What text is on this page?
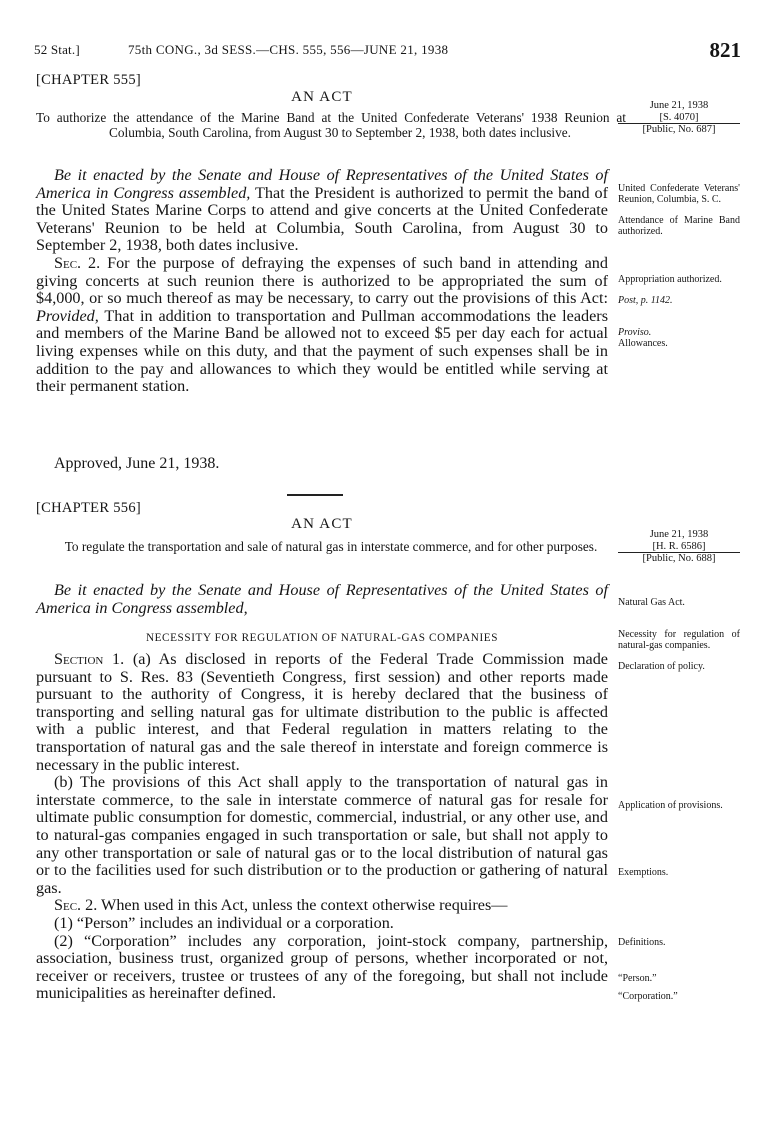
52 Stat.]	75th CONG., 3d SESS.—CHS. 555, 556—JUNE 21, 1938	821
[CHAPTER 555]
AN ACT
To authorize the attendance of the Marine Band at the United Confederate Veterans' 1938 Reunion at Columbia, South Carolina, from August 30 to September 2, 1938, both dates inclusive.
June 21, 1938
[S. 4070]
[Public, No. 687]

Be it enacted by the Senate and House of Representatives of the United States of America in Congress assembled, That the President is authorized to permit the band of the United States Marine Corps to attend and give concerts at the United Confederate Veterans' Reunion to be held at Columbia, South Carolina, from August 30 to September 2, 1938, both dates inclusive.

Sec. 2. For the purpose of defraying the expenses of such band in attending and giving concerts at such reunion there is authorized to be appropriated the sum of $4,000, or so much thereof as may be necessary, to carry out the provisions of this Act: Provided, That in addition to transportation and Pullman accommodations the leaders and members of the Marine Band be allowed not to exceed $5 per day each for actual living expenses while on this duty, and that the payment of such expenses shall be in addition to the pay and allowances to which they would be entitled while serving at their permanent station.

Approved, June 21, 1938.
United Confederate Veterans' Reunion, Columbia, S. C.
Attendance of Marine Band authorized.
Appropriation authorized.
Post, p. 1142.
Proviso.
Allowances.
[CHAPTER 556]
AN ACT
To regulate the transportation and sale of natural gas in interstate commerce, and for other purposes.
June 21, 1938
[H. R. 6586]
[Public, No. 688]

Be it enacted by the Senate and House of Representatives of the United States of America in Congress assembled,

NECESSITY FOR REGULATION OF NATURAL-GAS COMPANIES

Section 1. (a) As disclosed in reports of the Federal Trade Commission made pursuant to S. Res. 83 (Seventieth Congress, first session) and other reports made pursuant to the authority of Congress, it is hereby declared that the business of transporting and selling natural gas for ultimate distribution to the public is affected with a public interest, and that Federal regulation in matters relating to the transportation of natural gas and the sale thereof in interstate and foreign commerce is necessary in the public interest.

(b) The provisions of this Act shall apply to the transportation of natural gas in interstate commerce, to the sale in interstate commerce of natural gas for resale for ultimate public consumption for domestic, commercial, industrial, or any other use, and to natural-gas companies engaged in such transportation or sale, but shall not apply to any other transportation or sale of natural gas or to the local distribution of natural gas or to the facilities used for such distribution or to the production or gathering of natural gas.

Sec. 2. When used in this Act, unless the context otherwise requires—

(1) “Person” includes an individual or a corporation.

(2) “Corporation” includes any corporation, joint-stock company, partnership, association, business trust, organized group of persons, whether incorporated or not, receiver or receivers, trustee or trustees of any of the foregoing, but shall not include municipalities as hereinafter defined.

Natural Gas Act.
Necessity for regulation of natural-gas companies.
Declaration of policy.
Application of provisions.
Exemptions.
Definitions.
“Person.”
“Corporation.”
